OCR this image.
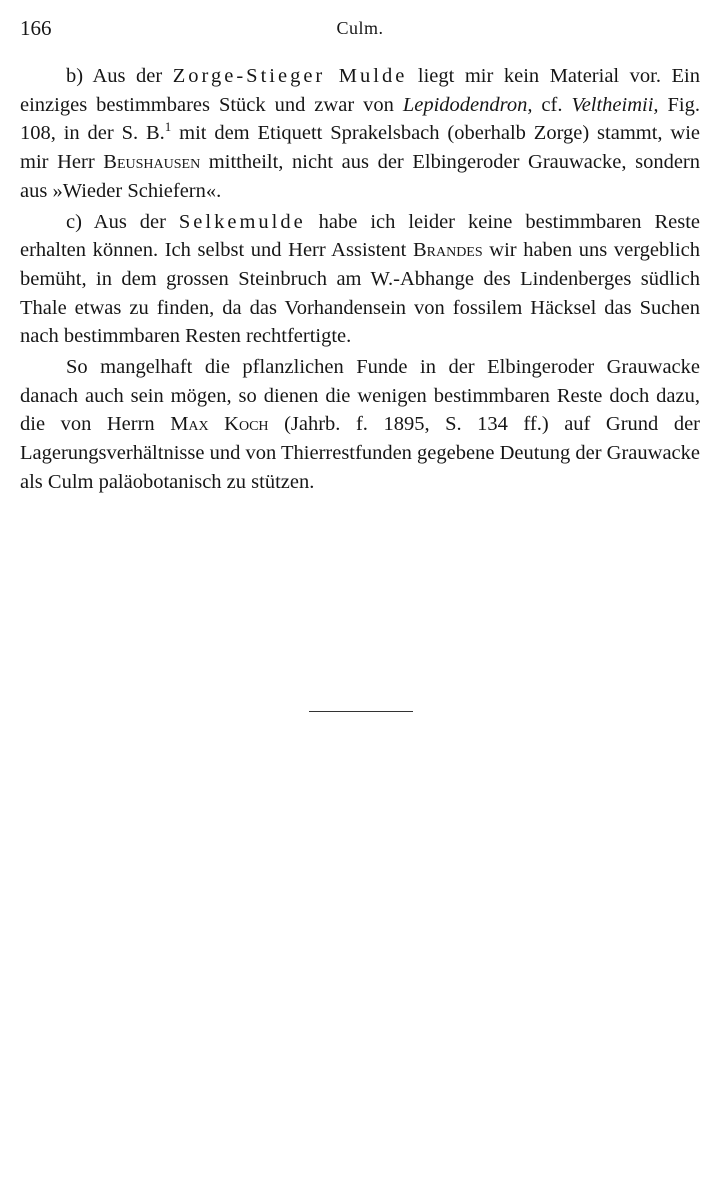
166	Culm.

b) Aus der Zorge-Stieger Mulde liegt mir kein Material vor. Ein einziges bestimmbares Stück und zwar von Lepidodendron, cf. Veltheimii, Fig. 108, in der S. B.$^1$ mit dem Etiquett Sprakelsbach (oberhalb Zorge) stammt, wie mir Herr Beushausen mittheilt, nicht aus der Elbingeroder Grauwacke, sondern aus »Wieder Schiefern«.

c) Aus der Selkemulde habe ich leider keine bestimmbaren Reste erhalten können. Ich selbst und Herr Assistent Brandes wir haben uns vergeblich bemüht, in dem grossen Steinbruch am W.-Abhange des Lindenberges südlich Thale etwas zu finden, da das Vorhandensein von fossilem Häcksel das Suchen nach bestimmbaren Resten rechtfertigte.

So mangelhaft die pflanzlichen Funde in der Elbingeroder Grauwacke danach auch sein mögen, so dienen die wenigen bestimmbaren Reste doch dazu, die von Herrn Max Koch (Jahrb. f. 1895, S. 134 ff.) auf Grund der Lagerungsverhältnisse und von Thierrestfunden gegebene Deutung der Grauwacke als Culm paläobotanisch zu stützen.
